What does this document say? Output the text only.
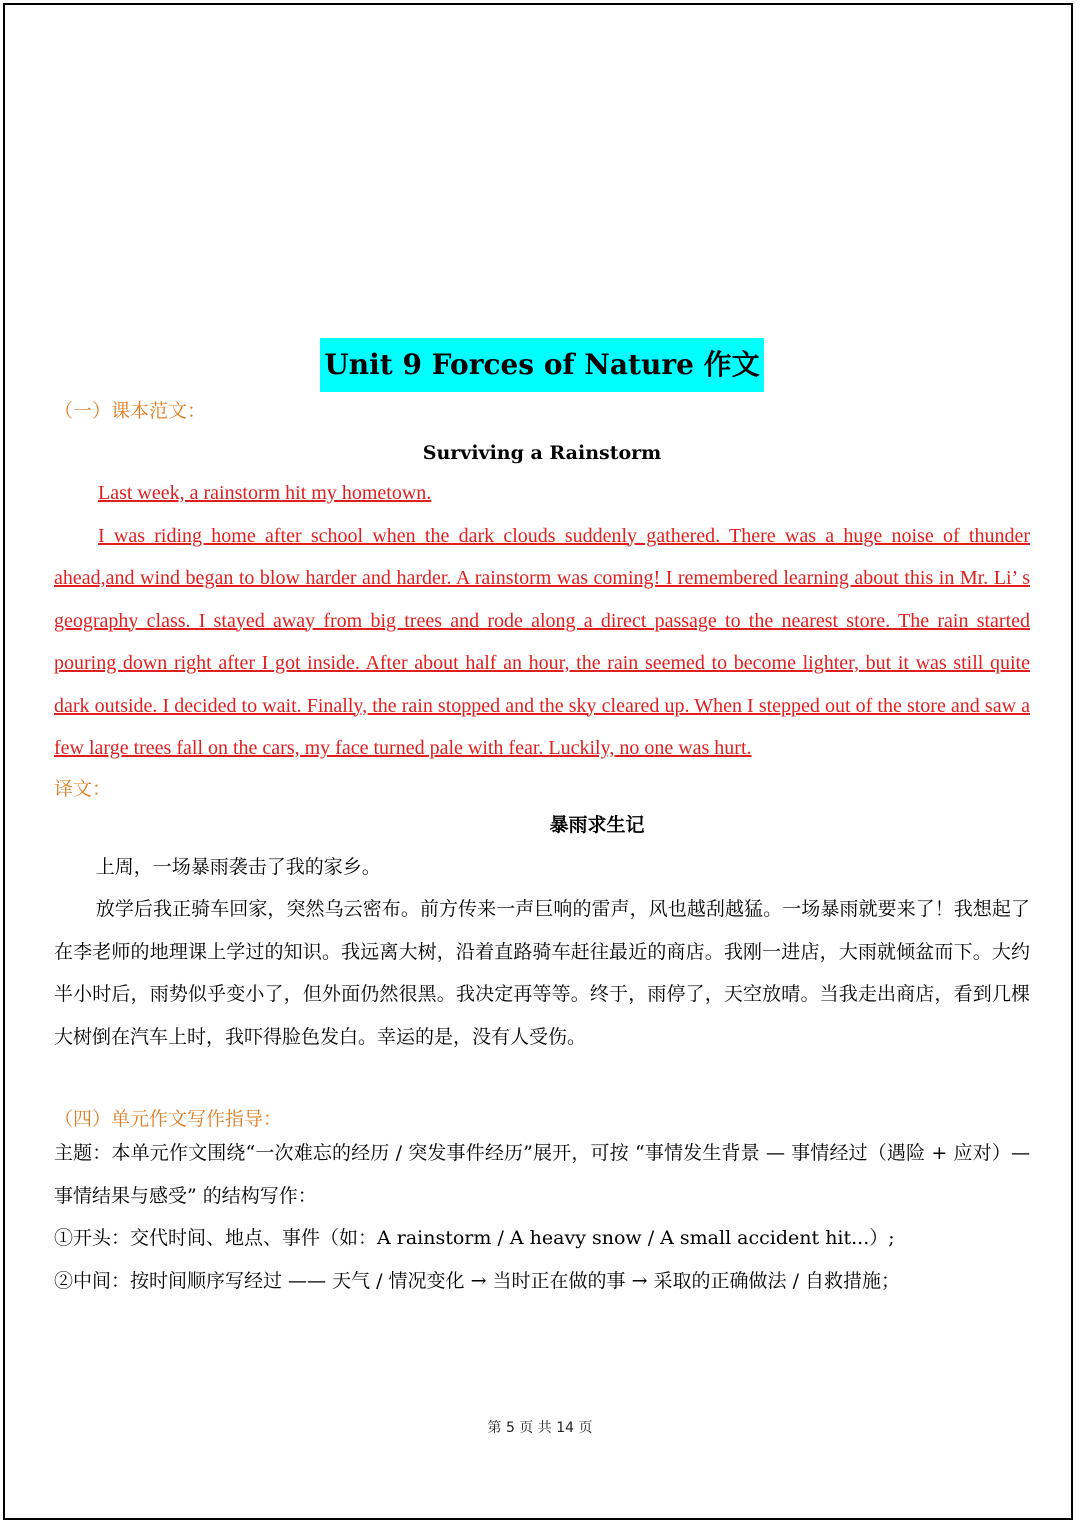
Unit 9 Forces of Nature 作文

（一）课本范文：

Surviving a Rainstorm

Last week, a rainstorm hit my hometown.

I was riding home after school when the dark clouds suddenly gathered. There was a huge noise of thunder ahead,and wind began to blow harder and harder. A rainstorm was coming! I remembered learning about this in Mr. Li’ s geography class. I stayed away from big trees and rode along a direct passage to the nearest store. The rain started pouring down right after I got inside. After about half an hour, the rain seemed to become lighter, but it was still quite dark outside. I decided to wait. Finally, the rain stopped and the sky cleared up. When I stepped out of the store and saw a few large trees fall on the cars, my face turned pale with fear. Luckily, no one was hurt.

译文：

暴雨求生记

上周，一场暴雨袭击了我的家乡。

放学后我正骑车回家，突然乌云密布。前方传来一声巨响的雷声，风也越刮越猛。一场暴雨就要来了！我想起了在李老师的地理课上学过的知识。我远离大树，沿着直路骑车赶往最近的商店。我刚一进店，大雨就倾盆而下。大约半小时后，雨势似乎变小了，但外面仍然很黑。我决定再等等。终于，雨停了，天空放晴。当我走出商店，看到几棵大树倒在汽车上时，我吓得脸色发白。幸运的是，没有人受伤。

（四）单元作文写作指导：

主题：本单元作文围绕“一次难忘的经历 / 突发事件经历”展开，可按 “事情发生背景 — 事情经过（遇险 + 应对）— 事情结果与感受” 的结构写作：

①开头：交代时间、地点、事件（如：A rainstorm / A heavy snow / A small accident hit...）;

②中间：按时间顺序写经过 —— 天气 / 情况变化 → 当时正在做的事 → 采取的正确做法 / 自救措施；

第 5 页 共 14 页
